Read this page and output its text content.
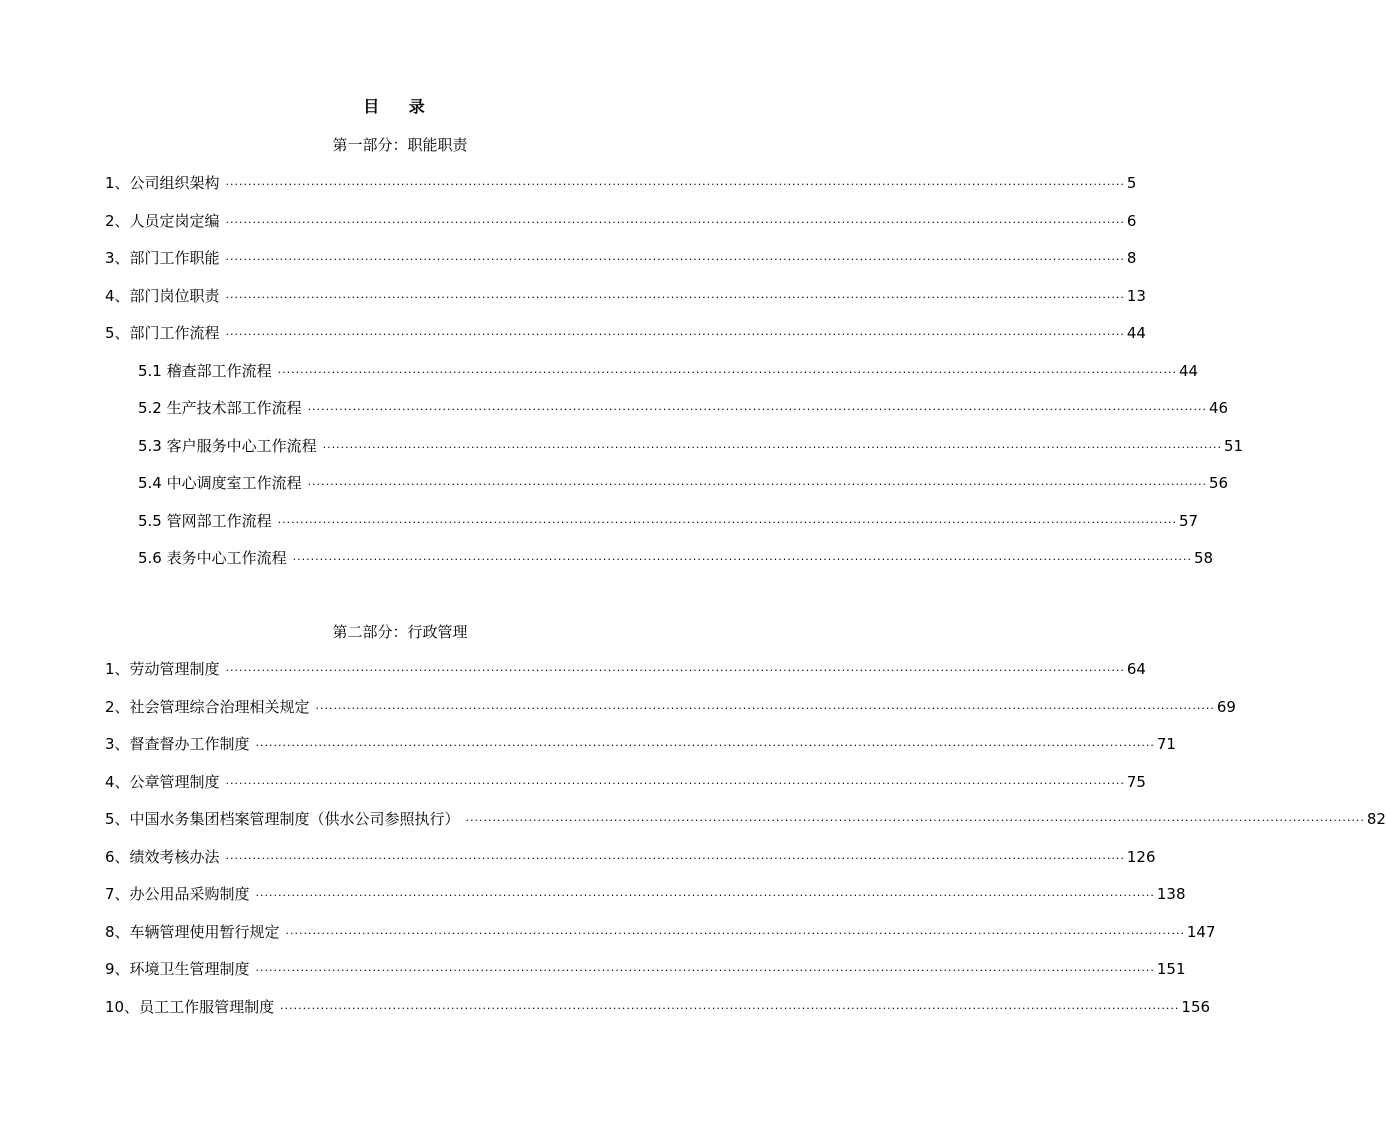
目 录
第一部分：职能职责
1、公司组织架构 ········································································································································································································ 5
2、人员定岗定编 ········································································································································································································ 6
3、部门工作职能 ········································································································································································································ 8
4、部门岗位职责 ········································································································································································································ 13
5、部门工作流程 ········································································································································································································ 44
5.1 稽查部工作流程 ········································································································································································································ 44
5.2 生产技术部工作流程 ········································································································································································································ 46
5.3 客户服务中心工作流程 ········································································································································································································ 51
5.4 中心调度室工作流程 ········································································································································································································ 56
5.5 管网部工作流程 ········································································································································································································ 57
5.6 表务中心工作流程 ········································································································································································································ 58
第二部分：行政管理
1、劳动管理制度 ········································································································································································································ 64
2、社会管理综合治理相关规定 ········································································································································································································ 69
3、督查督办工作制度 ········································································································································································································ 71
4、公章管理制度 ········································································································································································································ 75
5、中国水务集团档案管理制度（供水公司参照执行） ········································································································································································································ 82
6、绩效考核办法 ········································································································································································································ 126
7、办公用品采购制度 ········································································································································································································ 138
8、车辆管理使用暂行规定 ········································································································································································································ 147
9、环境卫生管理制度 ········································································································································································································ 151
10、员工工作服管理制度 ········································································································································································································ 156
